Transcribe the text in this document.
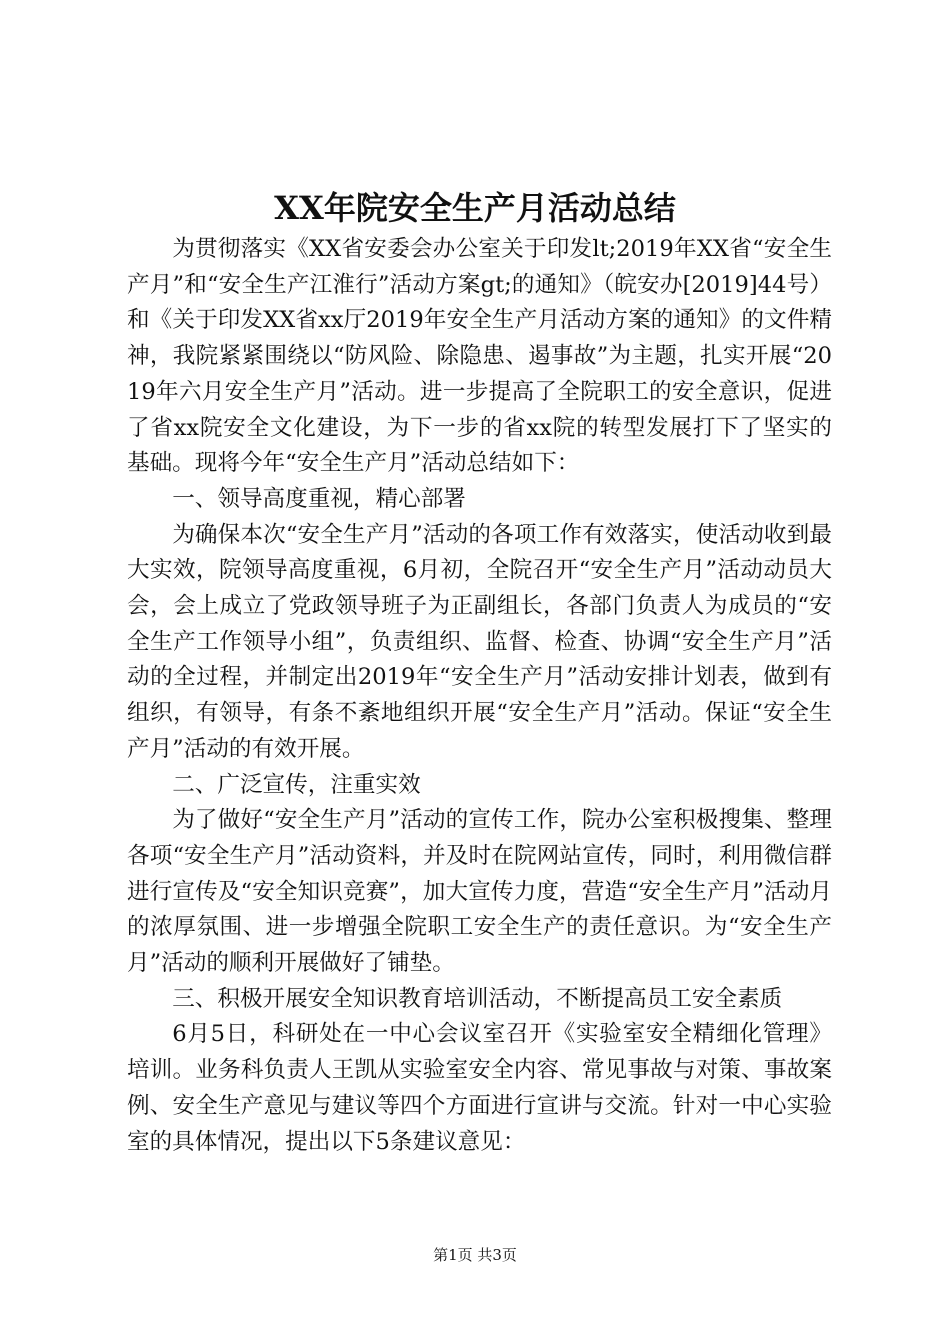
XX年院安全生产月活动总结

为贯彻落实《XX省安委会办公室关于印发lt;2019年XX省“安全生产月”和“安全生产江淮行”活动方案gt;的通知》（皖安办[2019]44号）和《关于印发XX省xx厅2019年安全生产月活动方案的通知》的文件精神，我院紧紧围绕以“防风险、除隐患、遏事故”为主题，扎实开展“2019年六月安全生产月”活动。进一步提高了全院职工的安全意识，促进了省xx院安全文化建设，为下一步的省xx院的转型发展打下了坚实的基础。现将今年“安全生产月”活动总结如下：

一、领导高度重视，精心部署

为确保本次“安全生产月”活动的各项工作有效落实，使活动收到最大实效，院领导高度重视，6月初，全院召开“安全生产月”活动动员大会，会上成立了党政领导班子为正副组长，各部门负责人为成员的“安全生产工作领导小组”，负责组织、监督、检查、协调“安全生产月”活动的全过程，并制定出2019年“安全生产月”活动安排计划表，做到有组织，有领导，有条不紊地组织开展“安全生产月”活动。保证“安全生产月”活动的有效开展。

二、广泛宣传，注重实效

为了做好“安全生产月”活动的宣传工作，院办公室积极搜集、整理各项“安全生产月”活动资料，并及时在院网站宣传，同时，利用微信群进行宣传及“安全知识竞赛”，加大宣传力度，营造“安全生产月”活动月的浓厚氛围、进一步增强全院职工安全生产的责任意识。为“安全生产月”活动的顺利开展做好了铺垫。

三、积极开展安全知识教育培训活动，不断提高员工安全素质

6月5日，科研处在一中心会议室召开《实验室安全精细化管理》培训。业务科负责人王凯从实验室安全内容、常见事故与对策、事故案例、安全生产意见与建议等四个方面进行宣讲与交流。针对一中心实验室的具体情况，提出以下5条建议意见：

第1页 共3页
